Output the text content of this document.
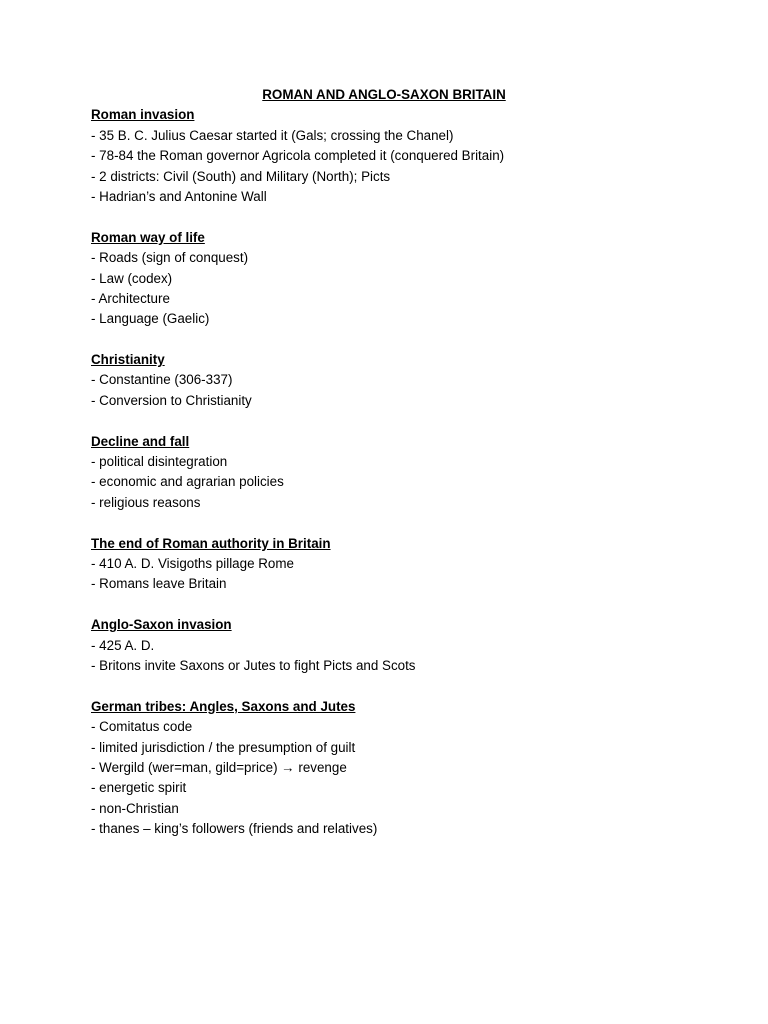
ROMAN AND ANGLO-SAXON BRITAIN
Roman invasion
- 35 B. C. Julius Caesar started it (Gals; crossing the Chanel)
- 78-84 the Roman governor Agricola completed it (conquered Britain)
- 2 districts: Civil (South) and Military (North); Picts
- Hadrian’s and Antonine Wall
Roman way of life
- Roads (sign of conquest)
- Law (codex)
- Architecture
- Language (Gaelic)
Christianity
- Constantine (306-337)
- Conversion to Christianity
Decline and fall
- political disintegration
- economic and agrarian policies
- religious reasons
The end of Roman authority in Britain
- 410 A. D. Visigoths pillage Rome
- Romans leave Britain
Anglo-Saxon invasion
- 425 A. D.
- Britons invite Saxons or Jutes to fight Picts and Scots
German tribes: Angles, Saxons and Jutes
- Comitatus code
- limited jurisdiction / the presumption of guilt
- Wergild (wer=man, gild=price) → revenge
- energetic spirit
- non-Christian
- thanes – king’s followers (friends and relatives)
